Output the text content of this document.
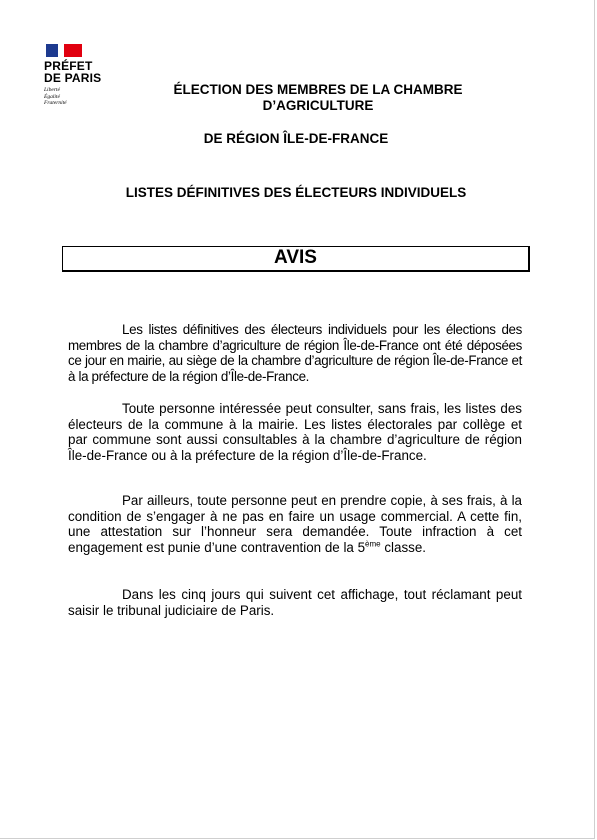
PRÉFET
DE PARIS
Liberté
Égalité
Fraternité
ÉLECTION DES MEMBRES DE LA CHAMBRE D’AGRICULTURE
DE RÉGION ÎLE-DE-FRANCE
LISTES DÉFINITIVES DES ÉLECTEURS INDIVIDUELS
AVIS
Les listes définitives des électeurs individuels pour les élections des membres de la chambre d’agriculture de région Île-de-France ont été déposées ce jour en mairie, au siège de la chambre d’agriculture de région Île-de-France et à la préfecture de la région d’Île-de-France.
Toute personne intéressée peut consulter, sans frais, les listes des électeurs de la commune à la mairie. Les listes électorales par collège et par commune sont aussi consultables à la chambre d’agriculture de région Île-de-France ou à la préfecture de la région d’Île-de-France.
Par ailleurs, toute personne peut en prendre copie, à ses frais, à la condition de s’engager à ne pas en faire un usage commercial. A cette fin, une attestation sur l’honneur sera demandée. Toute infraction à cet engagement est punie d’une contravention de la 5ème classe.
Dans les cinq jours qui suivent cet affichage, tout réclamant peut saisir le tribunal judiciaire de Paris.
